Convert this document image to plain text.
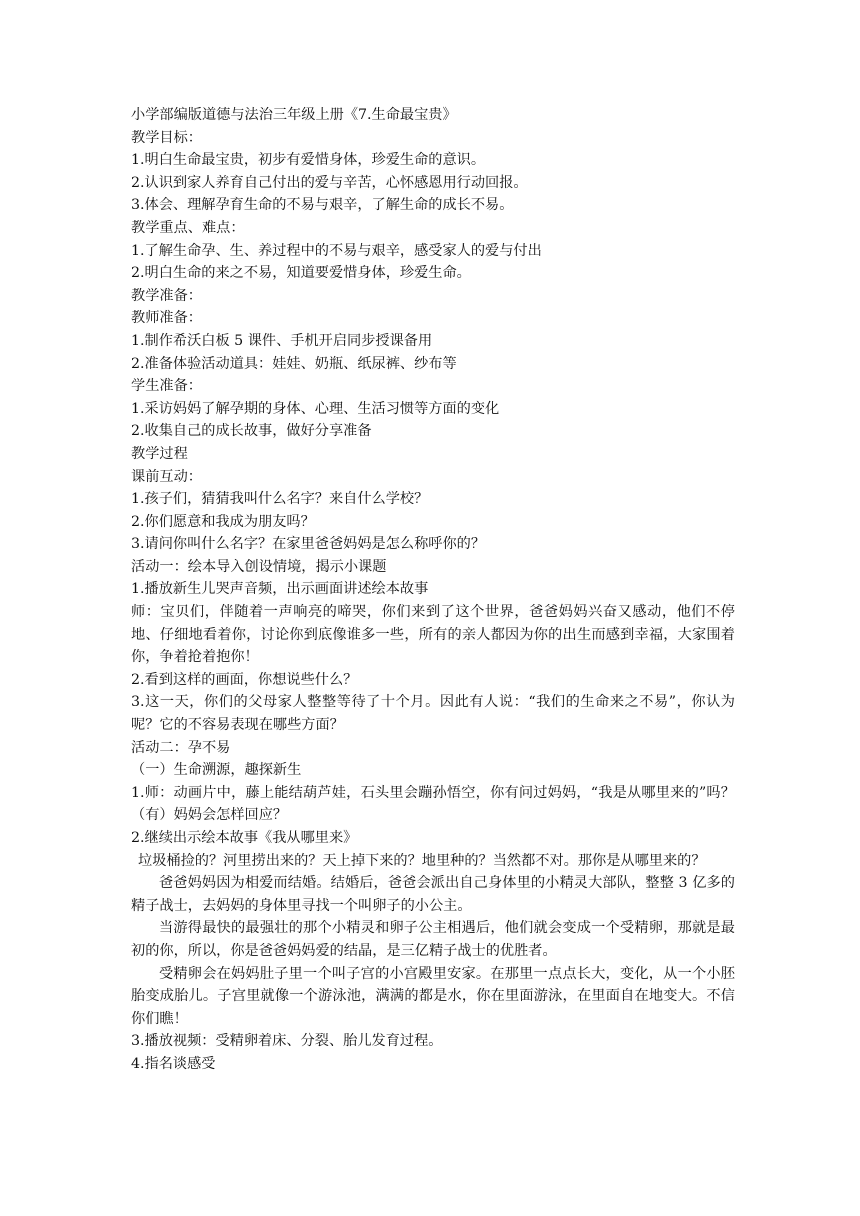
小学部编版道德与法治三年级上册《7.生命最宝贵》

教学目标：

1.明白生命最宝贵，初步有爱惜身体，珍爱生命的意识。

2.认识到家人养育自己付出的爱与辛苦，心怀感恩用行动回报。

3.体会、理解孕育生命的不易与艰辛，了解生命的成长不易。

教学重点、难点：

1.了解生命孕、生、养过程中的不易与艰辛，感受家人的爱与付出

2.明白生命的来之不易，知道要爱惜身体，珍爱生命。

教学准备：

教师准备：

1.制作希沃白板 5 课件、手机开启同步授课备用

2.准备体验活动道具：娃娃、奶瓶、纸尿裤、纱布等

学生准备：

1.采访妈妈了解孕期的身体、心理、生活习惯等方面的变化

2.收集自己的成长故事，做好分享准备

教学过程

课前互动：

1.孩子们，猜猜我叫什么名字？来自什么学校？

2.你们愿意和我成为朋友吗？

3.请问你叫什么名字？在家里爸爸妈妈是怎么称呼你的？

活动一：绘本导入创设情境，揭示小课题

1.播放新生儿哭声音频，出示画面讲述绘本故事

师：宝贝们，伴随着一声响亮的啼哭，你们来到了这个世界，爸爸妈妈兴奋又感动，他们不停地、仔细地看着你，讨论你到底像谁多一些，所有的亲人都因为你的出生而感到幸福，大家围着你，争着抢着抱你！

2.看到这样的画面，你想说些什么？

3.这一天，你们的父母家人整整等待了十个月。因此有人说：“我们的生命来之不易”，你认为呢？它的不容易表现在哪些方面？

活动二：孕不易

（一）生命溯源，趣探新生

1.师：动画片中，藤上能结葫芦娃，石头里会蹦孙悟空，你有问过妈妈，“我是从哪里来的”吗？（有）妈妈会怎样回应？

2.继续出示绘本故事《我从哪里来》

垃圾桶捡的？河里捞出来的？天上掉下来的？地里种的？当然都不对。那你是从哪里来的？

爸爸妈妈因为相爱而结婚。结婚后，爸爸会派出自己身体里的小精灵大部队，整整 3 亿多的精子战士，去妈妈的身体里寻找一个叫卵子的小公主。

当游得最快的最强壮的那个小精灵和卵子公主相遇后，他们就会变成一个受精卵，那就是最初的你，所以，你是爸爸妈妈爱的结晶，是三亿精子战士的优胜者。

受精卵会在妈妈肚子里一个叫子宫的小宫殿里安家。在那里一点点长大，变化，从一个小胚胎变成胎儿。子宫里就像一个游泳池，满满的都是水，你在里面游泳，在里面自在地变大。不信你们瞧！

3.播放视频：受精卵着床、分裂、胎儿发育过程。

4.指名谈感受
